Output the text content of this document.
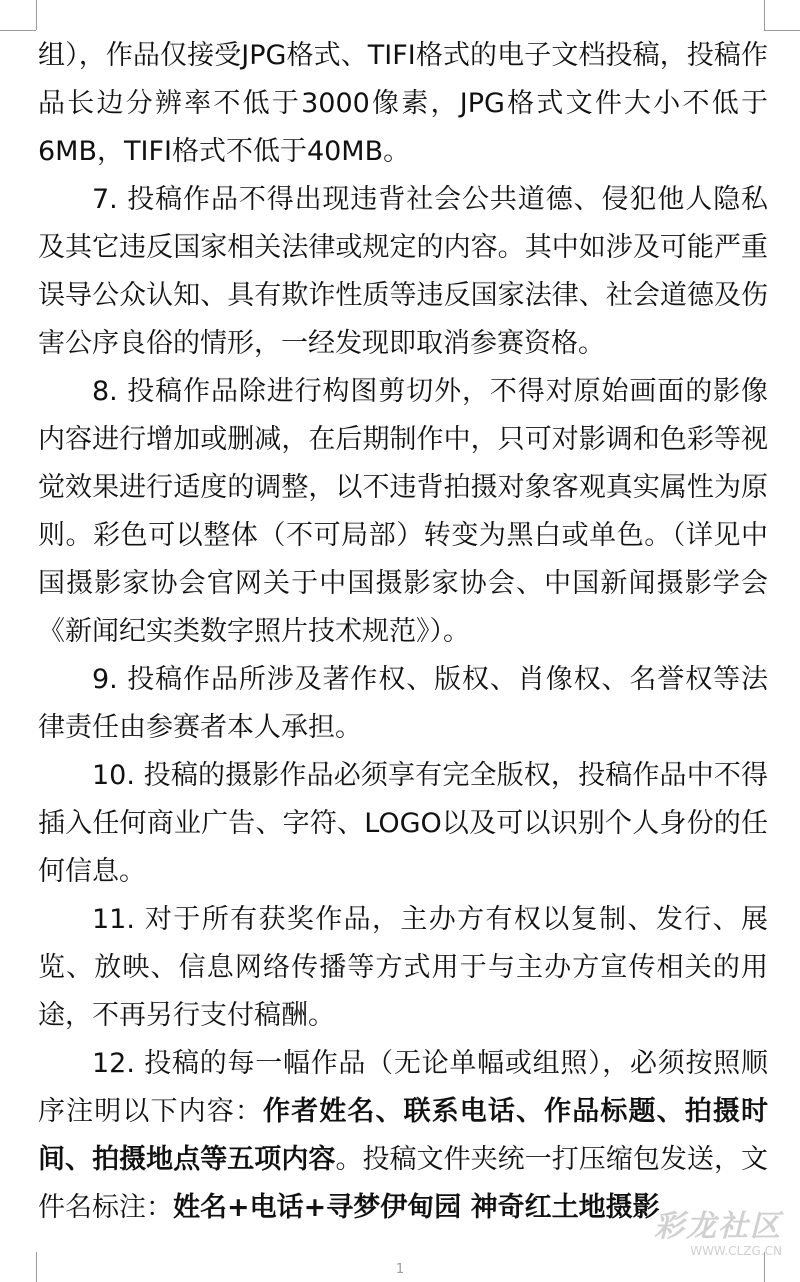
组），作品仅接受JPG格式、TIFI格式的电子文档投稿，投稿作品长边分辨率不低于3000像素，JPG格式文件大小不低于6MB，TIFI格式不低于40MB。

7. 投稿作品不得出现违背社会公共道德、侵犯他人隐私及其它违反国家相关法律或规定的内容。其中如涉及可能严重误导公众认知、具有欺诈性质等违反国家法律、社会道德及伤害公序良俗的情形，一经发现即取消参赛资格。

8. 投稿作品除进行构图剪切外，不得对原始画面的影像内容进行增加或删减，在后期制作中，只可对影调和色彩等视觉效果进行适度的调整，以不违背拍摄对象客观真实属性为原则。彩色可以整体（不可局部）转变为黑白或单色。（详见中国摄影家协会官网关于中国摄影家协会、中国新闻摄影学会《新闻纪实类数字照片技术规范》）。

9. 投稿作品所涉及著作权、版权、肖像权、名誉权等法律责任由参赛者本人承担。

10. 投稿的摄影作品必须享有完全版权，投稿作品中不得插入任何商业广告、字符、LOGO以及可以识别个人身份的任何信息。

11. 对于所有获奖作品，主办方有权以复制、发行、展览、放映、信息网络传播等方式用于与主办方宣传相关的用途，不再另行支付稿酬。

12. 投稿的每一幅作品（无论单幅或组照），必须按照顺序注明以下内容：作者姓名、联系电话、作品标题、拍摄时间、拍摄地点等五项内容。投稿文件夹统一打压缩包发送，文件名标注：姓名+电话+寻梦伊甸园 神奇红土地摄影

彩龙社区
WWW.CLZG.CN
1
